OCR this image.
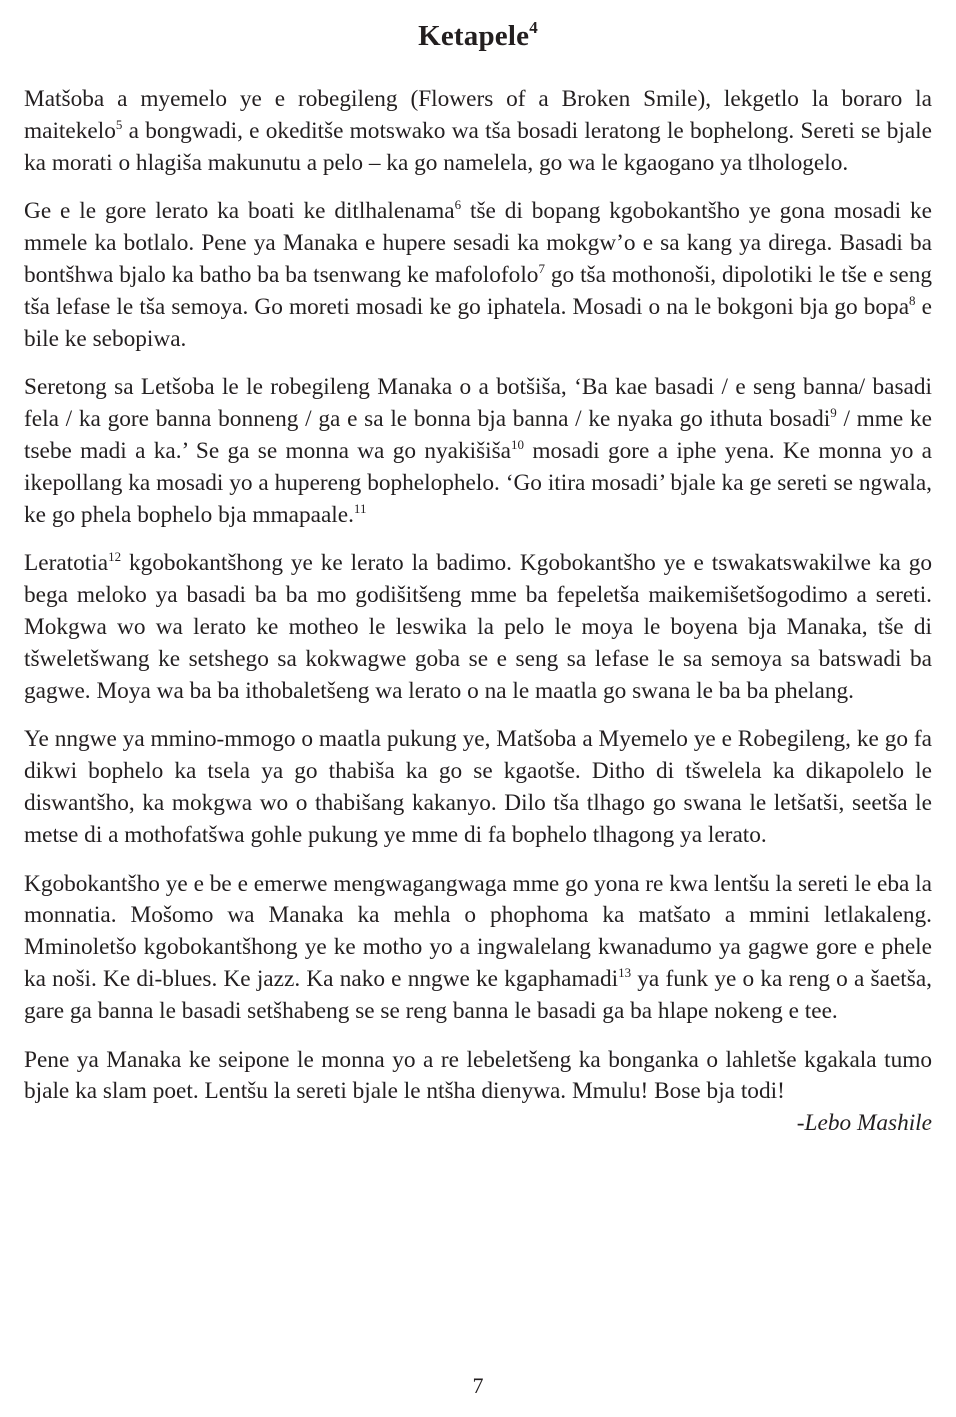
Ketapele$^4$

Matšoba a myemelo ye e robegileng (Flowers of a Broken Smile), lekgetlo la boraro la maitekelo$^5$ a bongwadi, e okeditše motswako wa tša bosadi leratong le bophelong. Sereti se bjale ka morati o hlagiša makunutu a pelo – ka go namelela, go wa le kgaogano ya tlhologelo.

Ge e le gore lerato ka boati ke ditlhalenama$^6$ tše di bopang kgobokantšho ye gona mosadi ke mmele ka botlalo. Pene ya Manaka e hupere sesadi ka mokgw’o e sa kang ya direga. Basadi ba bontšhwa bjalo ka batho ba ba tsenwang ke mafolofolo$^7$ go tša mothonoši, dipolotiki le tše e seng tša lefase le tša semoya. Go moreti mosadi ke go iphatela. Mosadi o na le bokgoni bja go bopa$^8$ e bile ke sebopiwa.

Seretong sa Letšoba le le robegileng Manaka o a botšiša, ‘Ba kae basadi / e seng banna/ basadi fela / ka gore banna bonneng / ga e sa le bonna bja banna / ke nyaka go ithuta bosadi$^9$ / mme ke tsebe madi a ka.’ Se ga se monna wa go nyakišiša$^{10}$ mosadi gore a iphe yena. Ke monna yo a ikepollang ka mosadi yo a hupereng bophelophelo. ‘Go itira mosadi’ bjale ka ge sereti se ngwala, ke go phela bophelo bja mmapaale.$^{11}$

Leratotia$^{12}$ kgobokantšhong ye ke lerato la badimo. Kgobokantšho ye e tswakatswakilwe ka go bega meloko ya basadi ba ba mo godišitšeng mme ba fepeletša maikemišetšogodimo a sereti. Mokgwa wo wa lerato ke motheo le leswika la pelo le moya le boyena bja Manaka, tše di tšweletšwang ke setshego sa kokwagwe goba se e seng sa lefase le sa semoya sa batswadi ba gagwe. Moya wa ba ba ithobaletšeng wa lerato o na le maatla go swana le ba ba phelang.

Ye nngwe ya mmino-mmogo o maatla pukung ye, Matšoba a Myemelo ye e Robegileng, ke go fa dikwi bophelo ka tsela ya go thabiša ka go se kgaotše. Ditho di tšwelela ka dikapolelo le diswantšho, ka mokgwa wo o thabišang kakanyo. Dilo tša tlhago go swana le letšatši, seetša le metse di a mothofatšwa gohle pukung ye mme di fa bophelo tlhagong ya lerato.

Kgobokantšho ye e be e emerwe mengwagangwaga mme go yona re kwa lentšu la sereti le eba la monnatia. Mošomo wa Manaka ka mehla o phophoma ka matšato a mmini letlakaleng. Mminoletšo kgobokantšhong ye ke motho yo a ingwalelang kwanadumo ya gagwe gore e phele ka noši. Ke di-blues. Ke jazz. Ka nako e nngwe ke kgaphamadi$^{13}$ ya funk ye o ka reng o a šaetša, gare ga banna le basadi setšhabeng se se reng banna le basadi ga ba hlape nokeng e tee.

Pene ya Manaka ke seipone le monna yo a re lebeletšeng ka bonganka o lahletše kgakala tumo bjale ka slam poet. Lentšu la sereti bjale le ntšha dienywa. Mmulu! Bose bja todi!

-Lebo Mashile
7
